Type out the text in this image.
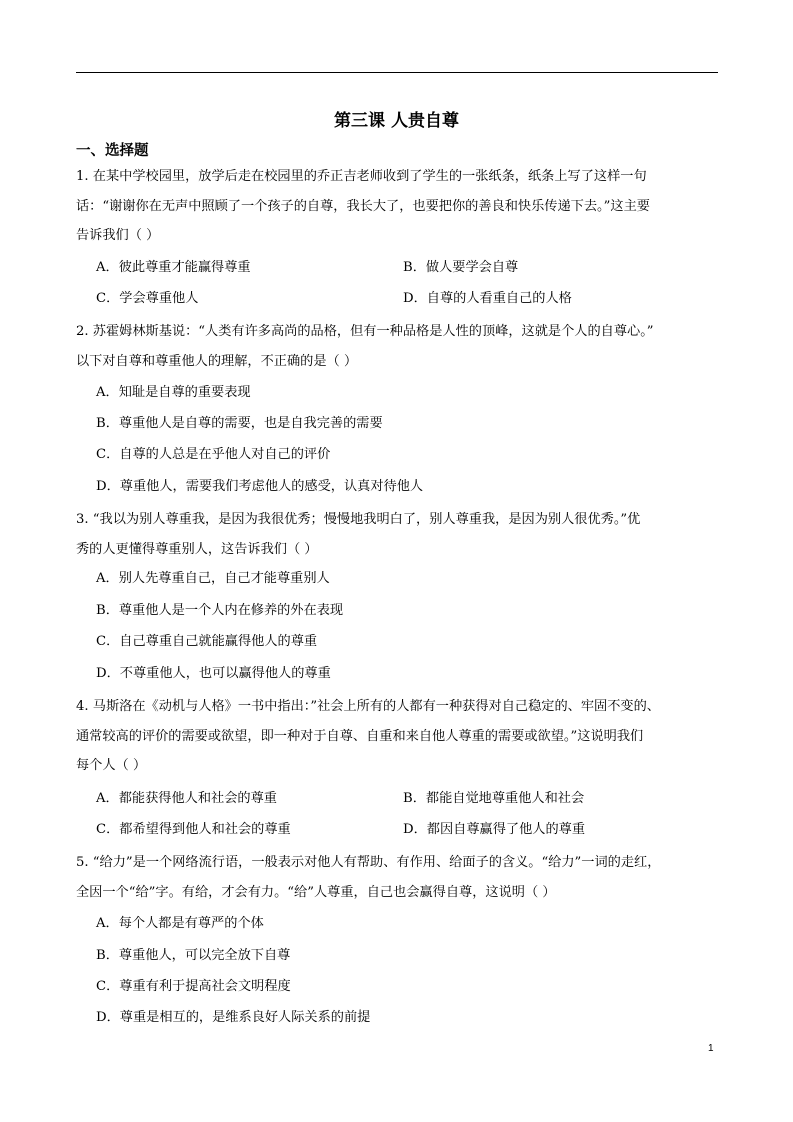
第三课 人贵自尊
一、选择题
1. 在某中学校园里，放学后走在校园里的乔正吉老师收到了学生的一张纸条，纸条上写了这样一句
话：“谢谢你在无声中照顾了一个孩子的自尊，我长大了，也要把你的善良和快乐传递下去。”这主要
告诉我们（ ）
A．彼此尊重才能赢得尊重	B．做人要学会自尊
C．学会尊重他人	D．自尊的人看重自己的人格
2. 苏霍姆林斯基说：“人类有许多高尚的品格，但有一种品格是人性的顶峰，这就是个人的自尊心。”
以下对自尊和尊重他人的理解，不正确的是（ ）
A．知耻是自尊的重要表现
B．尊重他人是自尊的需要，也是自我完善的需要
C．自尊的人总是在乎他人对自己的评价
D．尊重他人，需要我们考虑他人的感受，认真对待他人
3. “我以为别人尊重我，是因为我很优秀；慢慢地我明白了，别人尊重我，是因为别人很优秀。”优
秀的人更懂得尊重别人，这告诉我们（ ）
A．别人先尊重自己，自己才能尊重别人
B．尊重他人是一个人内在修养的外在表现
C．自己尊重自己就能赢得他人的尊重
D．不尊重他人，也可以赢得他人的尊重
4. 马斯洛在《动机与人格》一书中指出：”社会上所有的人都有一种获得对自己稳定的、牢固不变的、
通常较高的评价的需要或欲望，即一种对于自尊、自重和来自他人尊重的需要或欲望。”这说明我们
每个人（ ）
A．都能获得他人和社会的尊重	B．都能自觉地尊重他人和社会
C．都希望得到他人和社会的尊重	D．都因自尊赢得了他人的尊重
5. “给力”是一个网络流行语，一般表示对他人有帮助、有作用、给面子的含义。“给力”一词的走红，
全因一个“给”字。有给，才会有力。“给”人尊重，自己也会赢得自尊，这说明（ ）
A．每个人都是有尊严的个体
B．尊重他人，可以完全放下自尊
C．尊重有利于提高社会文明程度
D．尊重是相互的，是维系良好人际关系的前提
1
